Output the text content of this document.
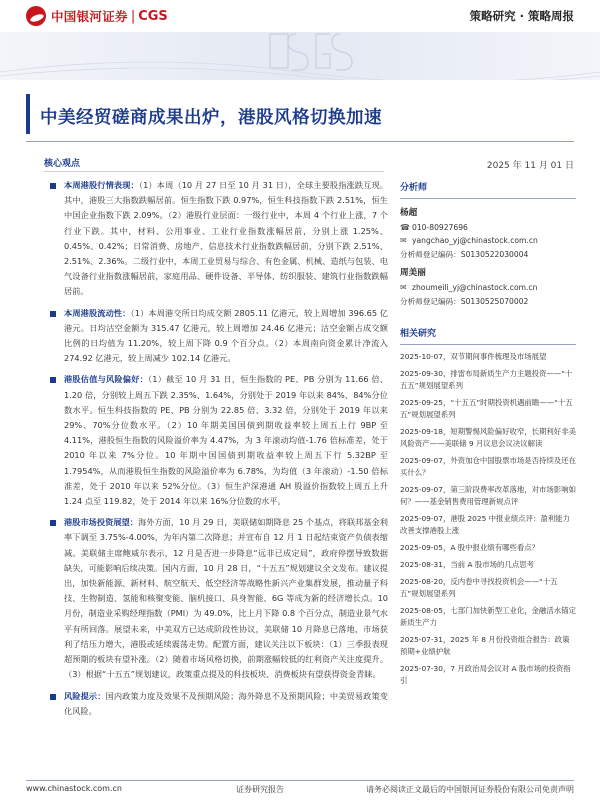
中国银河证券 | CGS	策略研究 · 策略周报
中美经贸磋商成果出炉，港股风格切换加速
2025 年 11 月 01 日
核心观点
本周港股行情表现：（1）本周（10 月 27 日至 10 月 31 日），全球主要股指涨跌互现。其中，港股三大指数跌幅居前。恒生指数下跌 0.97%，恒生科技指数下跌 2.51%，恒生中国企业指数下跌 2.09%。（2）港股行业层面：一级行业中，本周 4 个行业上涨，7 个行业下跌。其中，材料、公用事业、工业行业指数涨幅居前，分别上涨 1.25%、0.45%、0.42%；日常消费、房地产、信息技术行业指数跌幅居前，分别下跌 2.51%、2.51%、2.36%。二级行业中，本周工业贸易与综合、有色金属、机械、造纸与包装、电气设备行业指数涨幅居前，家庭用品、硬件设备、半导体、纺织服装、建筑行业指数跌幅居前。
本周港股流动性：（1）本周港交所日均成交额 2805.11 亿港元，较上周增加 396.65 亿港元。日均沽空金额为 315.47 亿港元，较上周增加 24.46 亿港元；沽空金额占成交额比例的日均值为 11.20%，较上周下降 0.9 个百分点。（2）本周南向资金累计净流入 274.92 亿港元，较上周减少 102.14 亿港元。
港股估值与风险偏好：（1）截至 10 月 31 日，恒生指数的 PE、PB 分别为 11.66 倍、1.20 倍，分别较上周五下跌 2.35%、1.64%，分别处于 2019 年以来 84%、84%分位数水平。恒生科技指数的 PE、PB 分别为 22.85 倍、3.32 倍，分别处于 2019 年以来 29%、70%分位数水平。（2）10 年期美国国债到期收益率较上周五上行 9BP 至 4.11%，港股恒生指数的风险溢价率为 4.47%，为 3 年滚动均值-1.76 倍标准差，处于 2010 年以来 7%分位。10 年期中国国债到期收益率较上周五下行 5.32BP 至 1.7954%，从而港股恒生指数的风险溢价率为 6.78%，为均值（3 年滚动）-1.50 倍标准差，处于 2010 年以来 52%分位。（3）恒生沪深港通 AH 股溢价指数较上周五上升 1.24 点至 119.82，处于 2014 年以来 16%分位数的水平。
港股市场投资展望：海外方面，10 月 29 日，美联储如期降息 25 个基点，将联邦基金利率下调至 3.75%-4.00%，为年内第二次降息；并宣布自 12 月 1 日起结束资产负债表缩减。美联储主席鲍威尔表示，12 月是否进一步降息“远非已成定局”，政府停摆导致数据缺失，可能影响后续决策。国内方面，10 月 28 日，“十五五”规划建议全文发布。建议提出，加快新能源、新材料、航空航天、低空经济等战略性新兴产业集群发展，推动量子科技、生物制造、氢能和核聚变能、脑机接口、具身智能、6G 等成为新的经济增长点。10 月份，制造业采购经理指数（PMI）为 49.0%，比上月下降 0.8 个百分点，制造业景气水平有所回落。展望未来，中美双方已达成阶段性协议，美联储 10 月降息已落地，市场获利了结压力增大，港股或延续震荡走势。配置方面，建议关注以下板块：（1）三季报表现超预期的板块有望补涨。（2）随着市场风格切换，前期涨幅较低的红利资产关注度提升。（3）根据“十五五”规划建议，政策重点提及的科技板块、消费板块有望获得资金青睐。
风险提示：国内政策力度及效果不及预期风险；海外降息不及预期风险；中美贸易政策变化风险。
分析师
杨超
☎ 010-80927696
✉ yangchao_yj@chinastock.com.cn
分析师登记编码： S0130522030004
周美丽
✉ zhoumeili_yj@chinastock.com.cn
分析师登记编码： S0130525070002
相关研究
2025-10-07，双节期间事件梳理及市场展望
2025-09-30，排雷布局新质生产力主题投资——“十五五”规划展望系列
2025-09-25，“十五五”时期投资机遇前瞻——“十五五”规划展望系列
2025-09-18，短期警惕风险偏好收窄，长期利好非美风险资产——美联储 9 月议息会议决议解读
2025-09-07，外资加仓中国股票市场是否持续及还在买什么？
2025-09-07，第三阶段费率改革落地，对市场影响如何？——基金销售费用管理新规点评
2025-09-07，港股 2025 中报业绩点评：盈利能力改善支撑港股上涨
2025-09-05，A 股中报业绩有哪些看点？
2025-08-31，当前 A 股市场的几点思考
2025-08-20，反内卷中寻找投资机会——“十五五”规划展望系列
2025-08-05，七部门加快新型工业化，金融活水锚定新质生产力
2025-07-31，2025 年 8 月份投资组合报告：政策预期+业绩护航
2025-07-30，7 月政治局会议对 A 股市场的投资指引
www.chinastock.com.cn	证券研究报告	请务必阅读正文最后的中国银河证券股份有限公司免责声明
